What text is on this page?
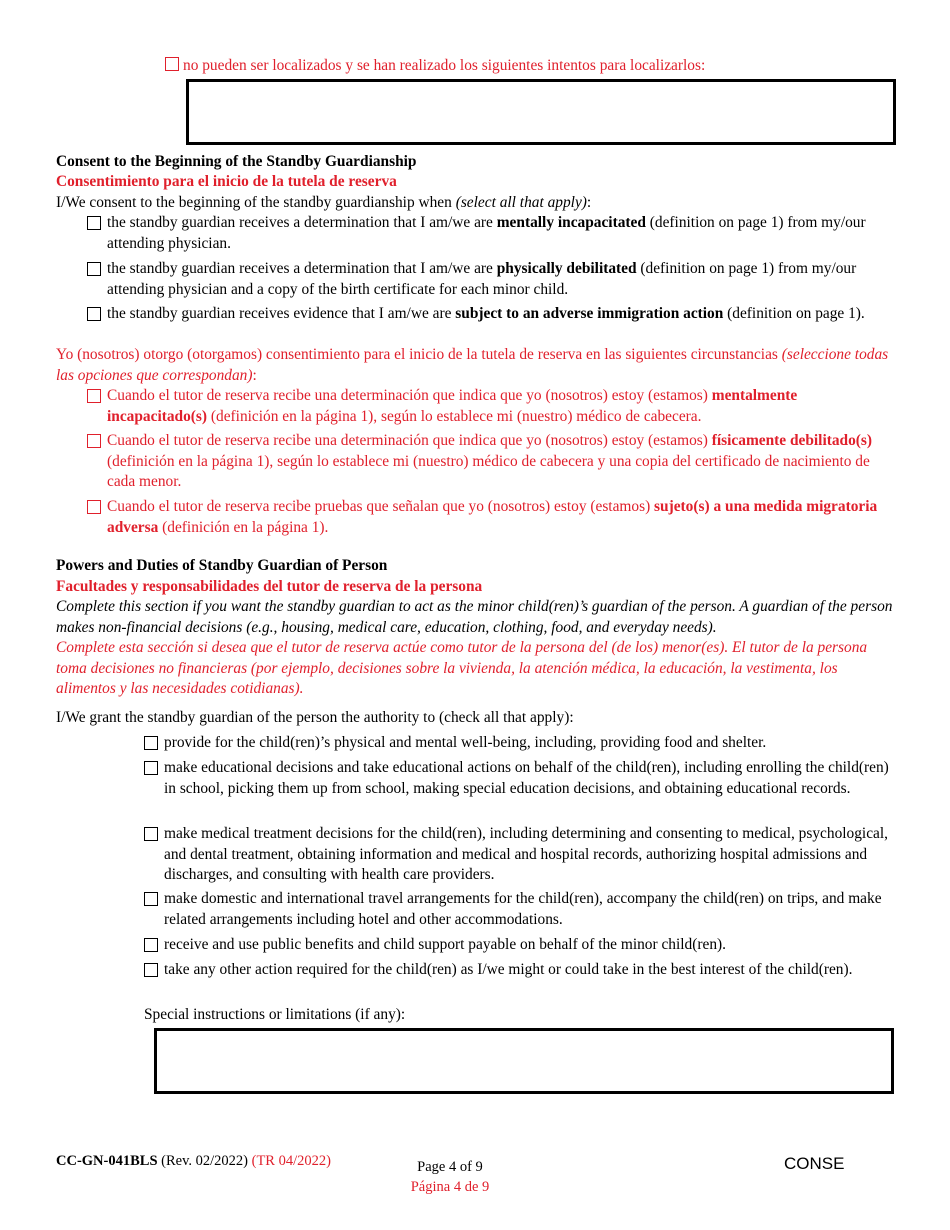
no pueden ser localizados y se han realizado los siguientes intentos para localizarlos:
Consent to the Beginning of the Standby Guardianship
Consentimiento para el inicio de la tutela de reserva
I/We consent to the beginning of the standby guardianship when (select all that apply):
the standby guardian receives a determination that I am/we are mentally incapacitated (definition on page 1) from my/our attending physician.
the standby guardian receives a determination that I am/we are physically debilitated (definition on page 1) from my/our attending physician and a copy of the birth certificate for each minor child.
the standby guardian receives evidence that I am/we are subject to an adverse immigration action (definition on page 1).
Yo (nosotros) otorgo (otorgamos) consentimiento para el inicio de la tutela de reserva en las siguientes circunstancias (seleccione todas las opciones que correspondan):
Cuando el tutor de reserva recibe una determinación que indica que yo (nosotros) estoy (estamos) mentalmente incapacitado(s) (definición en la página 1), según lo establece mi (nuestro) médico de cabecera.
Cuando el tutor de reserva recibe una determinación que indica que yo (nosotros) estoy (estamos) físicamente debilitado(s) (definición en la página 1), según lo establece mi (nuestro) médico de cabecera y una copia del certificado de nacimiento de cada menor.
Cuando el tutor de reserva recibe pruebas que señalan que yo (nosotros) estoy (estamos) sujeto(s) a una medida migratoria adversa (definición en la página 1).
Powers and Duties of Standby Guardian of Person
Facultades y responsabilidades del tutor de reserva de la persona
Complete this section if you want the standby guardian to act as the minor child(ren)’s guardian of the person. A guardian of the person makes non-financial decisions (e.g., housing, medical care, education, clothing, food, and everyday needs).
Complete esta sección si desea que el tutor de reserva actúe como tutor de la persona del (de los) menor(es). El tutor de la persona toma decisiones no financieras (por ejemplo, decisiones sobre la vivienda, la atención médica, la educación, la vestimenta, los alimentos y las necesidades cotidianas).
I/We grant the standby guardian of the person the authority to (check all that apply):
provide for the child(ren)’s physical and mental well-being, including, providing food and shelter.
make educational decisions and take educational actions on behalf of the child(ren), including enrolling the child(ren) in school, picking them up from school, making special education decisions, and obtaining educational records.
make medical treatment decisions for the child(ren), including determining and consenting to medical, psychological, and dental treatment, obtaining information and medical and hospital records, authorizing hospital admissions and discharges, and consulting with health care providers.
make domestic and international travel arrangements for the child(ren), accompany the child(ren) on trips, and make related arrangements including hotel and other accommodations.
receive and use public benefits and child support payable on behalf of the minor child(ren).
take any other action required for the child(ren) as I/we might or could take in the best interest of the child(ren).
Special instructions or limitations (if any):
CC-GN-041BLS (Rev. 02/2022) (TR 04/2022)	Page 4 of 9
Página 4 de 9
CONSE
